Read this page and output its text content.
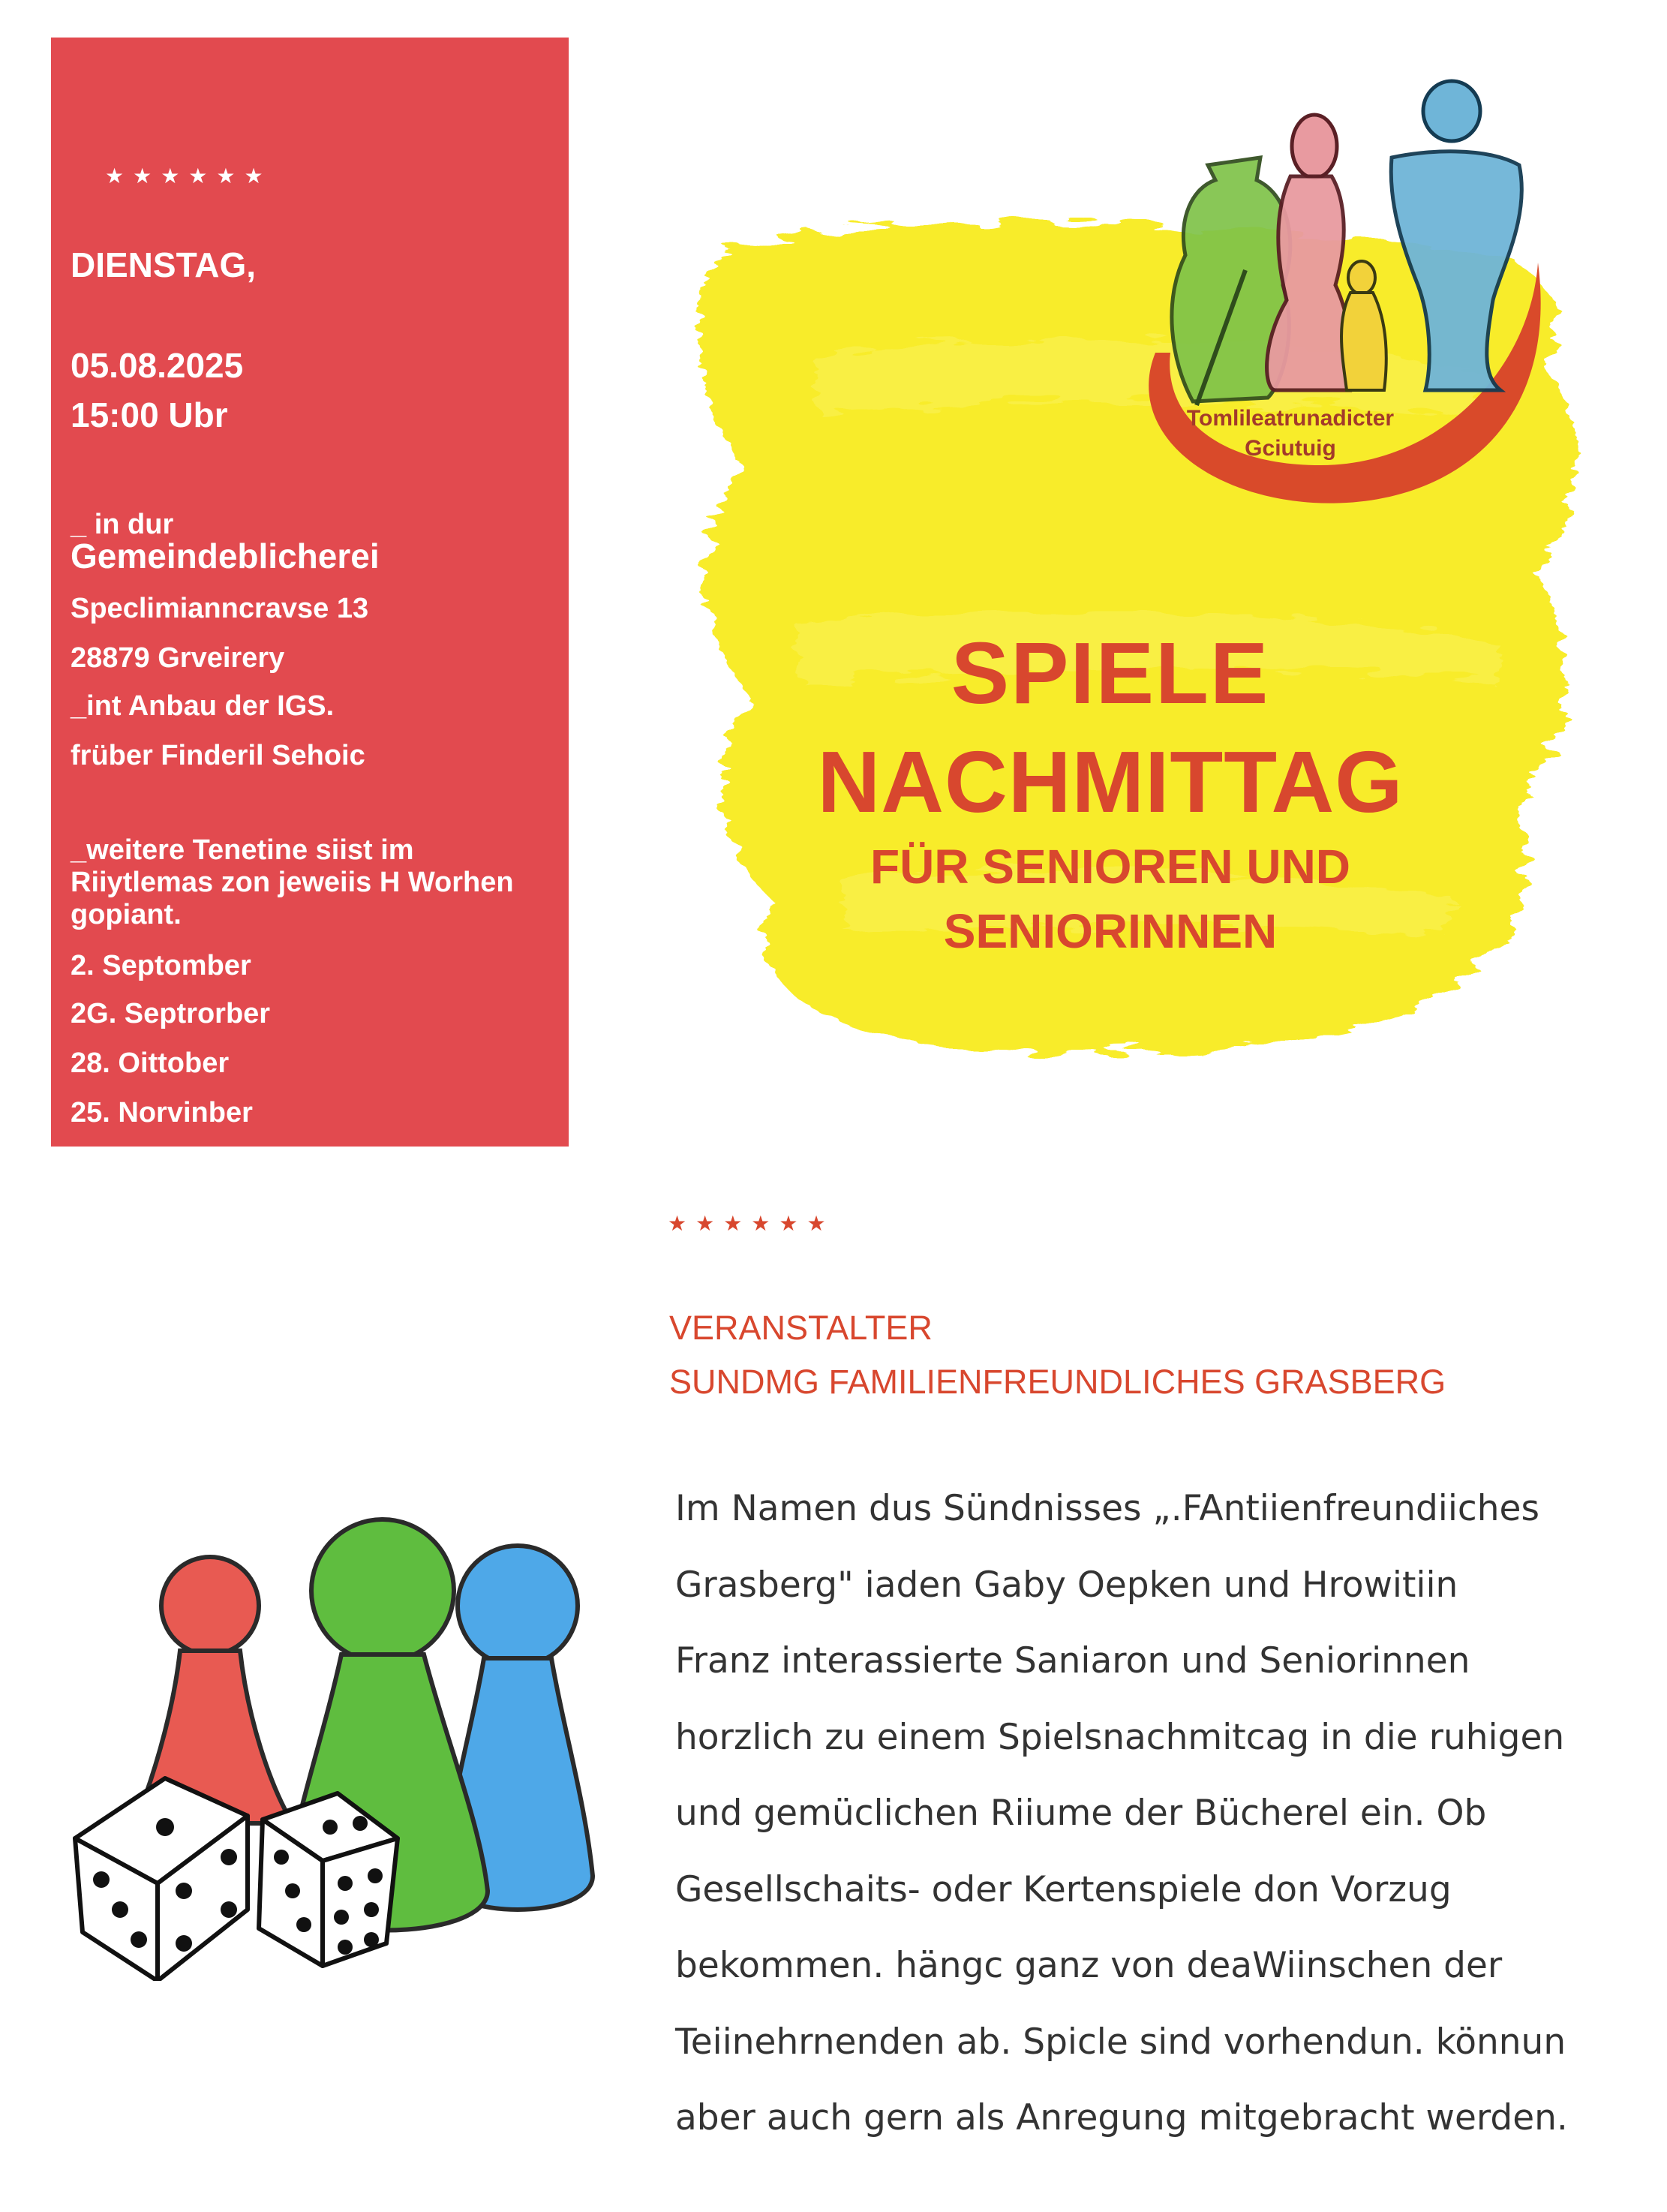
★★★★★★
DIENSTAG,
05.08.2025
15:00 Ubr
_ in dur
Gemeindeblicherei
Speclimianncravse 13
28879 Grveirery
_int Anbau der IGS.
früber Finderil Sehoic
_weitere Tenetine siist im Riiytlemas zon jeweiis H Worhen gopiant.
2. Septomber
2G. Septrorber
28. Oittober
25. Norvinber
Tomlileatrunadicter
Gciutuig
SPIELE
NACHMITTAG
FÜR SENIOREN UND
SENIORINNEN
★★★★★★
VERANSTALTER
SUNDMG FAMILIENFREUNDLICHES GRASBERG
Im Namen dus Sündnisses „.FAntiienfreundiiches
Grasberg" iaden Gaby Oepken und Hrowitiin
Franz interassierte Saniaron und Seniorinnen
horzlich zu einem Spielsnachmitcag in die ruhigen
und gemüclichen Riiume der Bücherel ein. Ob
Gesellschaits- oder Kertenspiele don Vorzug
bekommen. hängc ganz von deaWiinschen der
Teiinehrnenden ab. Spicle sind vorhendun. könnun
aber auch gern als Anregung mitgebracht werden.
